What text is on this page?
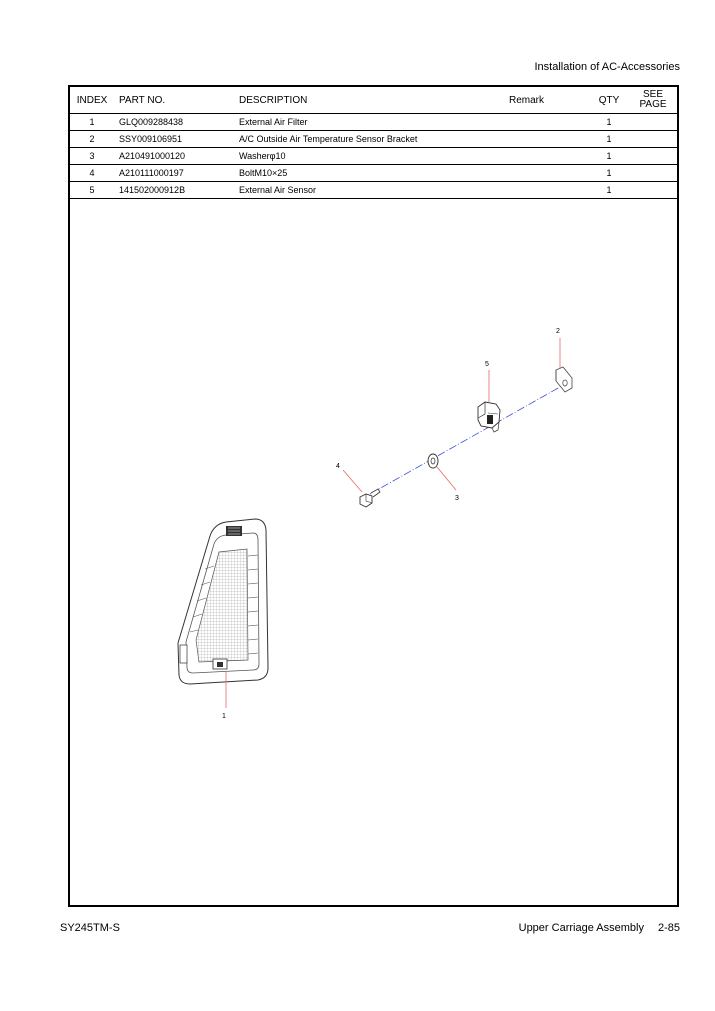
Installation of AC-Accessories
INDEX	PART NO.	DESCRIPTION	Remark	QTY	SEE
PAGE
1	GLQ009288438	External Air Filter		1	
2	SSY009106951	A/C Outside Air Temperature Sensor Bracket		1	
3	A210491000120	Washerφ10		1	
4	A210111000197	BoltM10×25		1	
5	141502000912B	External Air Sensor		1	
2
5
3
4
1
SY245TM-S	Upper Carriage Assembly 2-85
